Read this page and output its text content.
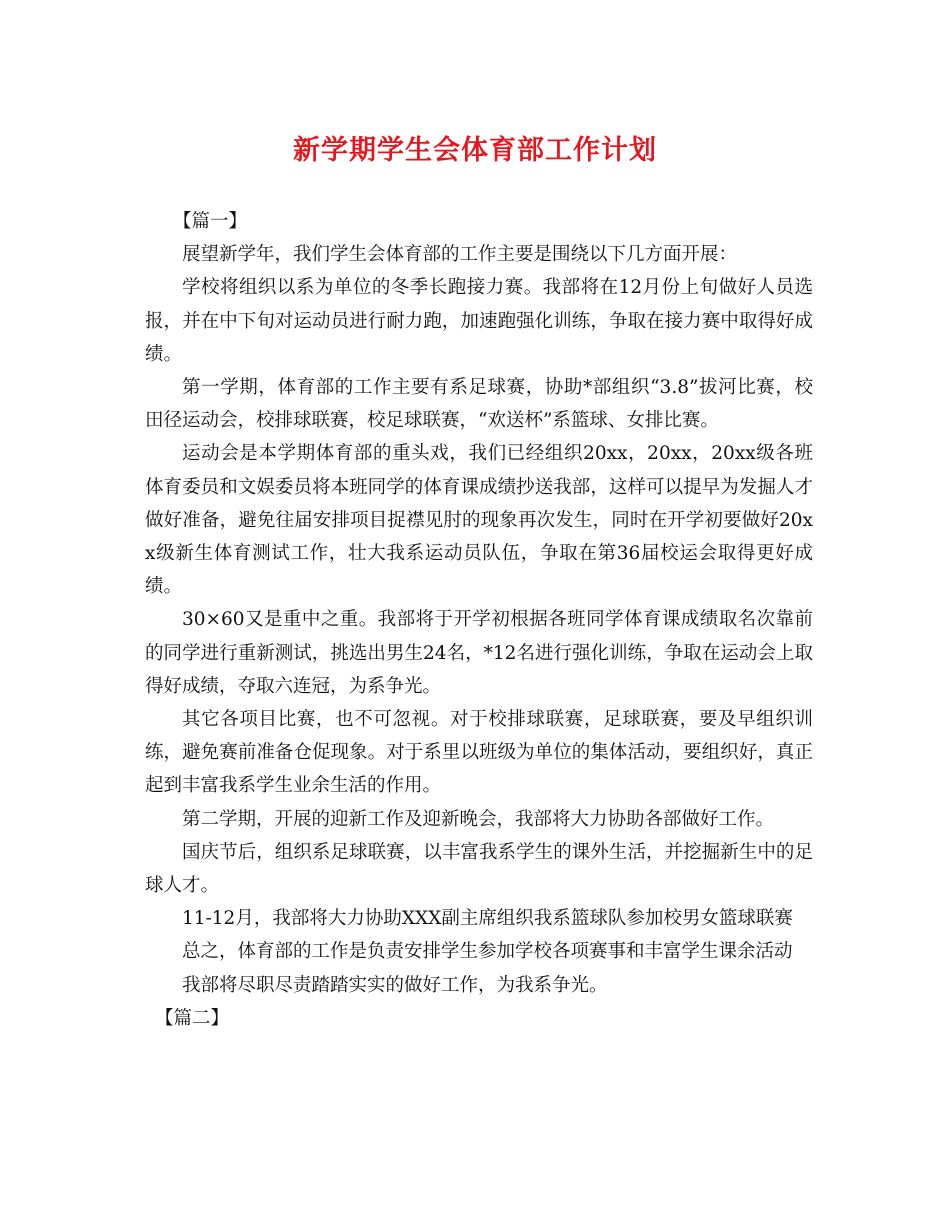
新学期学生会体育部工作计划

【篇一】

展望新学年，我们学生会体育部的工作主要是围绕以下几方面开展：

学校将组织以系为单位的冬季长跑接力赛。我部将在12月份上旬做好人员选报，并在中下旬对运动员进行耐力跑，加速跑强化训练，争取在接力赛中取得好成绩。

第一学期，体育部的工作主要有系足球赛，协助*部组织“3.8”拔河比赛，校田径运动会，校排球联赛，校足球联赛，“欢送杯”系篮球、女排比赛。

运动会是本学期体育部的重头戏，我们已经组织20xx，20xx，20xx级各班体育委员和文娱委员将本班同学的体育课成绩抄送我部，这样可以提早为发掘人才做好准备，避免往届安排项目捉襟见肘的现象再次发生，同时在开学初要做好20xx级新生体育测试工作，壮大我系运动员队伍，争取在第36届校运会取得更好成绩。

30×60又是重中之重。我部将于开学初根据各班同学体育课成绩取名次靠前的同学进行重新测试，挑选出男生24名，*12名进行强化训练，争取在运动会上取得好成绩，夺取六连冠，为系争光。

其它各项目比赛，也不可忽视。对于校排球联赛，足球联赛，要及早组织训练，避免赛前准备仓促现象。对于系里以班级为单位的集体活动，要组织好，真正起到丰富我系学生业余生活的作用。

第二学期，开展的迎新工作及迎新晚会，我部将大力协助各部做好工作。

国庆节后，组织系足球联赛，以丰富我系学生的课外生活，并挖掘新生中的足球人才。

11-12月，我部将大力协助XXX副主席组织我系篮球队参加校男女篮球联赛

总之，体育部的工作是负责安排学生参加学校各项赛事和丰富学生课余活动

我部将尽职尽责踏踏实实的做好工作，为我系争光。

【篇二】
